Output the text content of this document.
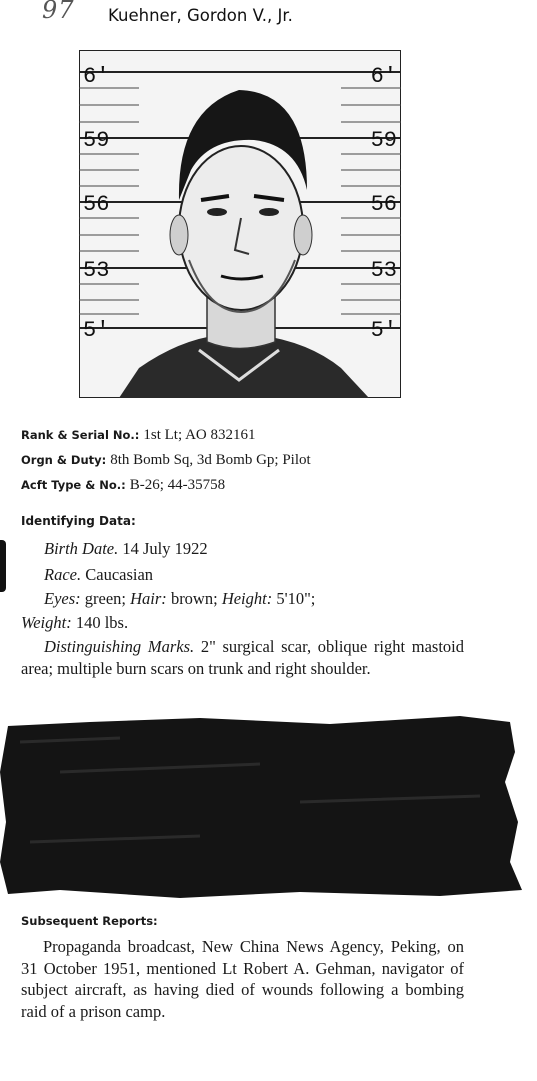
97 Kuehner, Gordon V., Jr.
6'
59
56
53
5'
6'
59
56
53
5'
Rank & Serial No.: 1st Lt; AO 832161
Orgn & Duty: 8th Bomb Sq, 3d Bomb Gp; Pilot
Acft Type & No.: B-26; 44-35758
Identifying Data:
Birth Date. 14 July 1922
Race. Caucasian
Eyes: green; Hair: brown; Height: 5'10";
Weight: 140 lbs.
Distinguishing Marks. 2" surgical scar, oblique right mastoid area; multiple burn scars on trunk and right shoulder.
Subsequent Reports:
Propaganda broadcast, New China News Agency, Peking, on 31 October 1951, mentioned Lt Robert A. Gehman, navigator of subject aircraft, as having died of wounds following a bombing raid of a prison camp.
